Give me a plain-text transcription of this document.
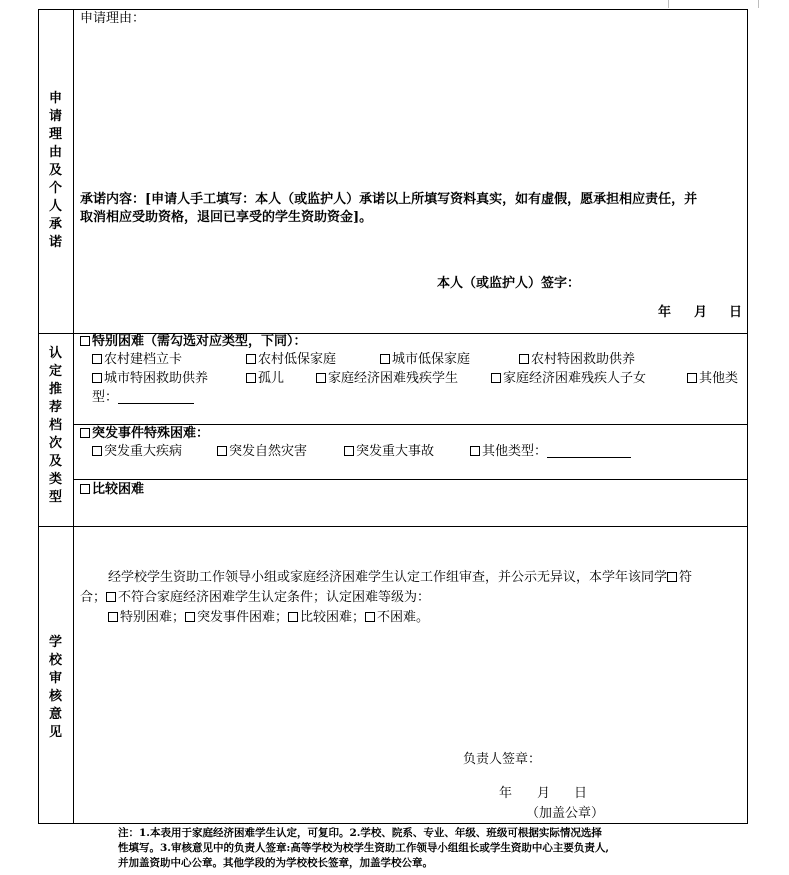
申
请
理
由
及
个
人
承
诺
申请理由：
承诺内容：[申请人手工填写：本人（或监护人）承诺以上所填写资料真实，如有虚假，愿承担相应责任，并
取消相应受助资格，退回已享受的学生资助资金]。
本人（或监护人）签字：
年 月 日
认
定
推
荐
档
次
及
类
型
特别困难（需勾选对应类型，下同）：
农村建档立卡	农村低保家庭	城市低保家庭	农村特困救助供养
城市特困救助供养	孤儿	家庭经济困难残疾学生	家庭经济困难残疾人子女	其他类
型：
突发事件特殊困难：
突发重大疾病	突发自然灾害	突发重大事故	其他类型：
比较困难
学
校
审
核
意
见
经学校学生资助工作领导小组或家庭经济困难学生认定工作组审查，并公示无异议，本学年该同学 符
合； 不符合家庭经济困难学生认定条件；认定困难等级为：
特别困难； 突发事件困难； 比较困难； 不困难。
负责人签章：
年 月 日
（加盖公章）
注：1.本表用于家庭经济困难学生认定，可复印。2.学校、院系、专业、年级、班级可根据实际情况选择
性填写。3.审核意见中的负责人签章:高等学校为校学生资助工作领导小组组长或学生资助中心主要负责人,
并加盖资助中心公章。其他学段的为学校校长签章，加盖学校公章。
